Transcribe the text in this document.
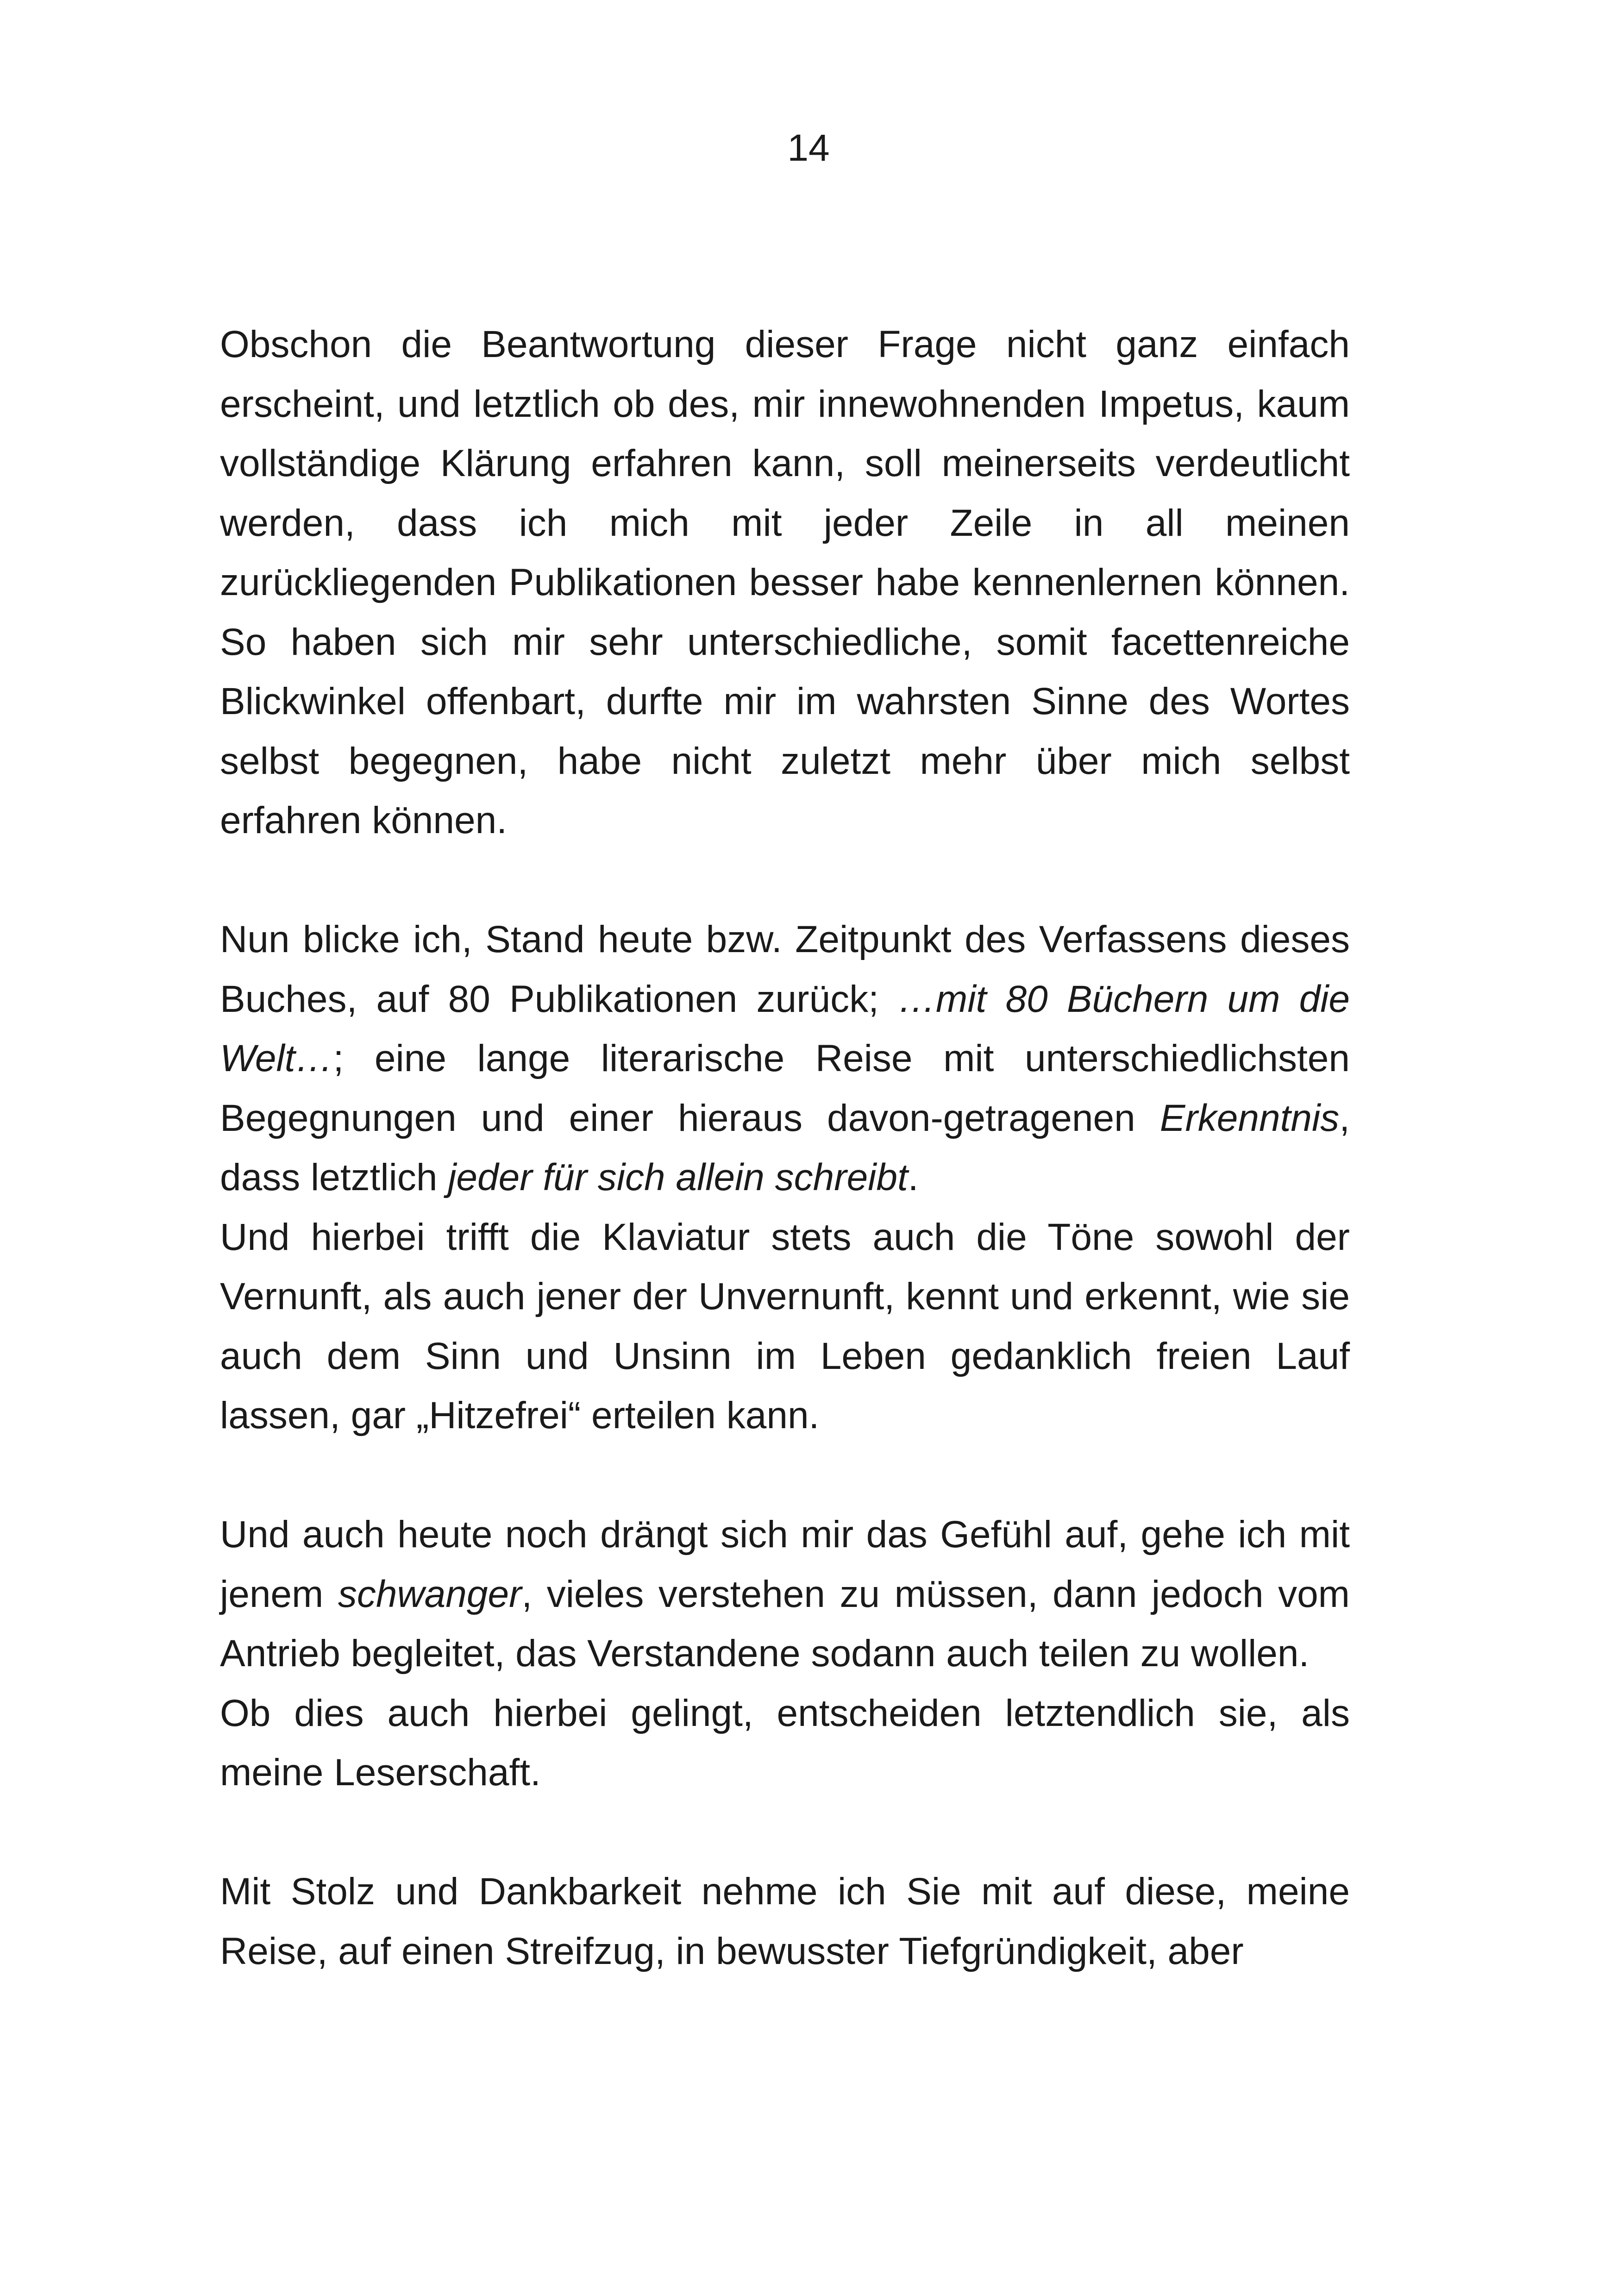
14

Obschon die Beantwortung dieser Frage nicht ganz einfach erscheint, und letztlich ob des, mir innewohnenden Impetus, kaum vollständige Klärung erfahren kann, soll meinerseits verdeutlicht werden, dass ich mich mit jeder Zeile in all meinen zurückliegenden Publikationen besser habe kennenlernen können. So haben sich mir sehr unterschiedliche, somit facettenreiche Blickwinkel offenbart, durfte mir im wahrsten Sinne des Wortes selbst begegnen, habe nicht zuletzt mehr über mich selbst erfahren können.

Nun blicke ich, Stand heute bzw. Zeitpunkt des Verfassens dieses Buches, auf 80 Publikationen zurück; …mit 80 Büchern um die Welt…; eine lange literarische Reise mit unterschiedlichsten Begegnungen und einer hieraus davon-getragenen Erkenntnis, dass letztlich jeder für sich allein schreibt.

Und hierbei trifft die Klaviatur stets auch die Töne sowohl der Vernunft, als auch jener der Unvernunft, kennt und erkennt, wie sie auch dem Sinn und Unsinn im Leben gedanklich freien Lauf lassen, gar „Hitzefrei“ erteilen kann.

Und auch heute noch drängt sich mir das Gefühl auf, gehe ich mit jenem schwanger, vieles verstehen zu müssen, dann jedoch vom Antrieb begleitet, das Verstandene sodann auch teilen zu wollen.

Ob dies auch hierbei gelingt, entscheiden letztendlich sie, als meine Leserschaft.

Mit Stolz und Dankbarkeit nehme ich Sie mit auf diese, meine Reise, auf einen Streifzug, in bewusster Tiefgründigkeit, aber
